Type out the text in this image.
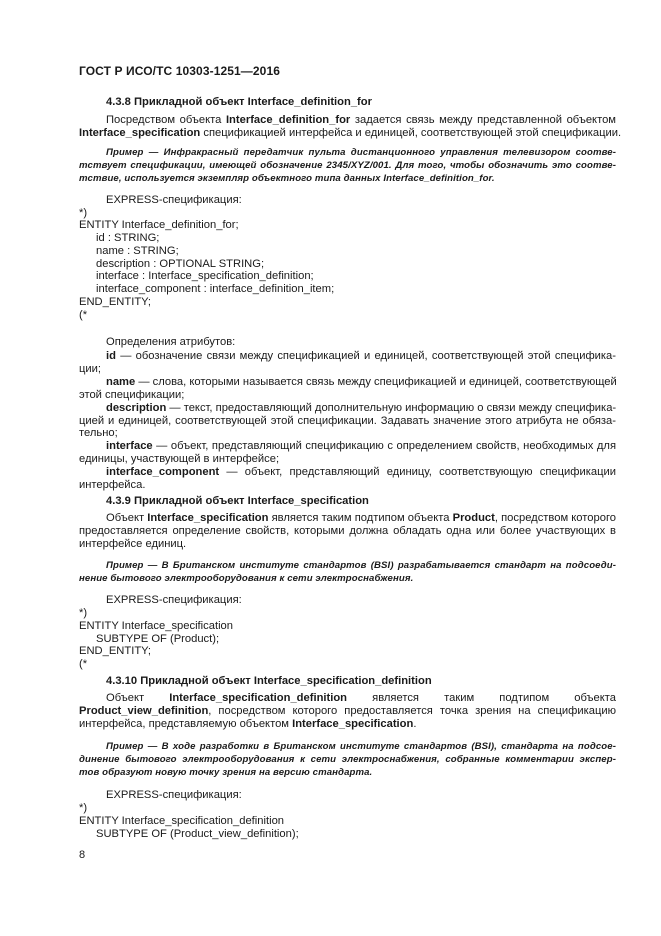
ГОСТ Р ИСО/ТС 10303-1251—2016
4.3.8 Прикладной объект Interface_definition_for
Посредством объекта Interface_definition_for задается связь между представленной объектом
Interface_specification спецификацией интерфейса и единицей, соответствующей этой спецификации.
Пример — Инфракрасный передатчик пульта дистанционного управления телевизором соотве-
тствует спецификации, имеющей обозначение 2345/XYZ/001. Для того, чтобы обозначить это соотве-
тствие, используется экземпляр объектного типа данных Interface_definition_for.
EXPRESS-спецификация:
*)
ENTITY Interface_definition_for;
id : STRING;
name : STRING;
description : OPTIONAL STRING;
interface : Interface_specification_definition;
interface_component : interface_definition_item;
END_ENTITY;
(*
Определения атрибутов:
id — обозначение связи между спецификацией и единицей, соответствующей этой специфика-
ции;
name — слова, которыми называется связь между спецификацией и единицей, соответствующей
этой спецификации;
description — текст, предоставляющий дополнительную информацию о связи между специфика-
цией и единицей, соответствующей этой спецификации. Задавать значение этого атрибута не обяза-
тельно;
interface — объект, представляющий спецификацию с определением свойств, необходимых для
единицы, участвующей в интерфейсе;
interface_component — объект, представляющий единицу, соответствующую спецификации
интерфейса.
4.3.9 Прикладной объект Interface_specification
Объект Interface_specification является таким подтипом объекта Product, посредством которого
предоставляется определение свойств, которыми должна обладать одна или более участвующих в
интерфейсе единиц.
Пример — В Британском институте стандартов (BSI) разрабатывается стандарт на подсоеди-
нение бытового электрооборудования к сети электроснабжения.
EXPRESS-спецификация:
*)
ENTITY Interface_specification
SUBTYPE OF (Product);
END_ENTITY;
(*
4.3.10 Прикладной объект Interface_specification_definition
Объект Interface_specification_definition является таким подтипом объекта
Product_view_definition, посредством которого предоставляется точка зрения на спецификацию
интерфейса, представляемую объектом Interface_specification.
Пример — В ходе разработки в Британском институте стандартов (BSI), стандарта на подсое-
динение бытового электрооборудования к сети электроснабжения, собранные комментарии экспер-
тов образуют новую точку зрения на версию стандарта.
EXPRESS-спецификация:
*)
ENTITY Interface_specification_definition
SUBTYPE OF (Product_view_definition);
8
